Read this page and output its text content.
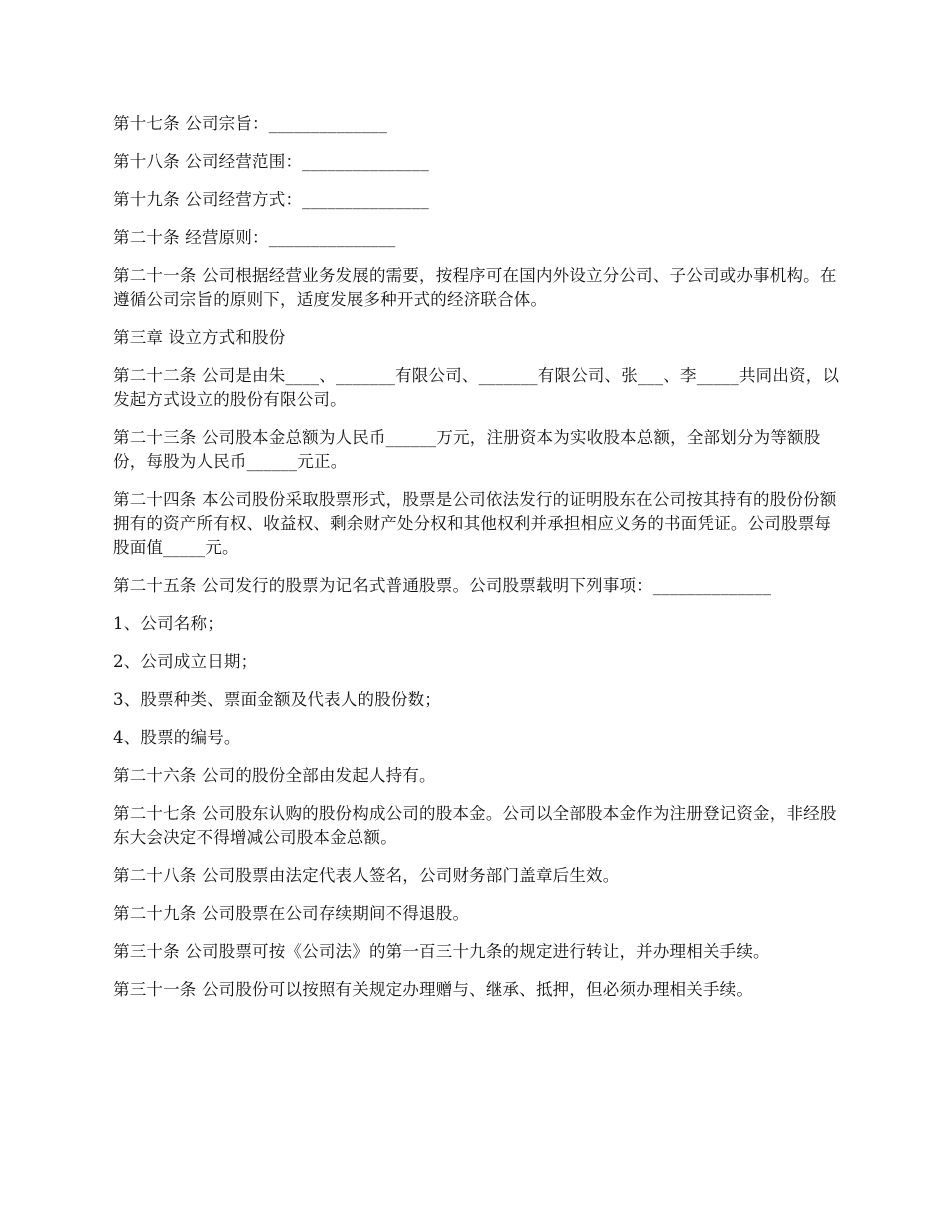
第十七条 公司宗旨：______________

第十八条 公司经营范围：_______________

第十九条 公司经营方式：_______________

第二十条 经营原则：_______________

第二十一条 公司根据经营业务发展的需要，按程序可在国内外设立分公司、子公司或办事机构。在遵循公司宗旨的原则下，适度发展多种开式的经济联合体。

第三章 设立方式和股份

第二十二条 公司是由朱____、_______有限公司、_______有限公司、张___、李_____共同出资，以发起方式设立的股份有限公司。

第二十三条 公司股本金总额为人民币______万元，注册资本为实收股本总额，全部划分为等额股份，每股为人民币______元正。

第二十四条 本公司股份采取股票形式，股票是公司依法发行的证明股东在公司按其持有的股份份额拥有的资产所有权、收益权、剩余财产处分权和其他权利并承担相应义务的书面凭证。公司股票每股面值_____元。

第二十五条 公司发行的股票为记名式普通股票。公司股票载明下列事项：______________

1、公司名称；

2、公司成立日期；

3、股票种类、票面金额及代表人的股份数；

4、股票的编号。

第二十六条 公司的股份全部由发起人持有。

第二十七条 公司股东认购的股份构成公司的股本金。公司以全部股本金作为注册登记资金，非经股东大会决定不得增减公司股本金总额。

第二十八条 公司股票由法定代表人签名，公司财务部门盖章后生效。

第二十九条 公司股票在公司存续期间不得退股。

第三十条 公司股票可按《公司法》的第一百三十九条的规定进行转让，并办理相关手续。

第三十一条 公司股份可以按照有关规定办理赠与、继承、抵押，但必须办理相关手续。
